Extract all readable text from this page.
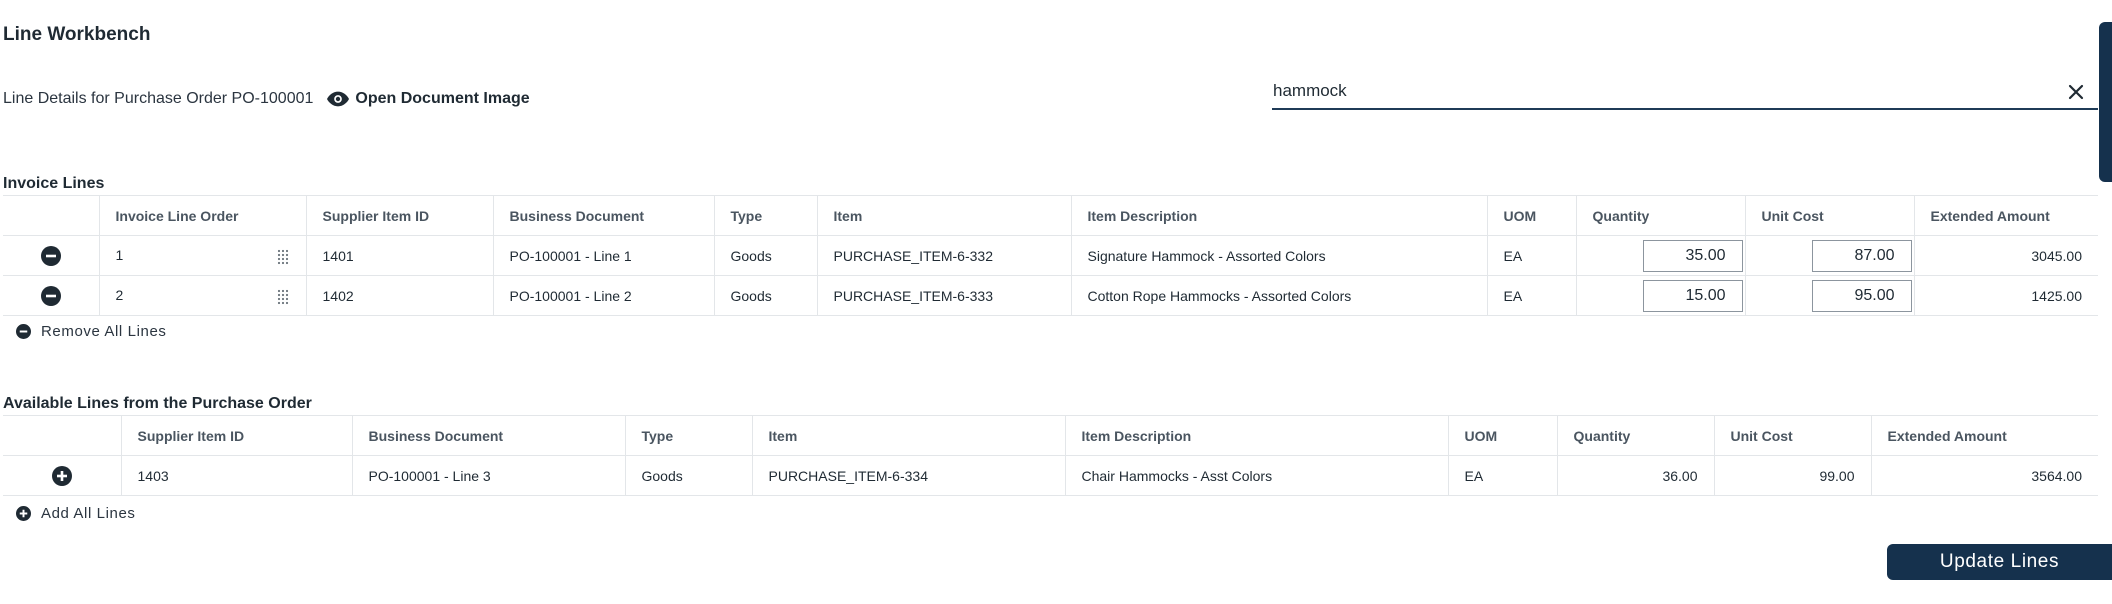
Line Workbench
Line Details for Purchase Order PO-100001	Open Document Image
hammock
Invoice Lines
	Invoice Line Order	Supplier Item ID	Business Document	Type	Item	Item Description	UOM	Quantity	Unit Cost	Extended Amount
	1	1401	PO-100001 - Line 1	Goods	PURCHASE_ITEM-6-332	Signature Hammock - Assorted Colors	EA	35.00	87.00	3045.00
	2	1402	PO-100001 - Line 2	Goods	PURCHASE_ITEM-6-333	Cotton Rope Hammocks - Assorted Colors	EA	15.00	95.00	1425.00
Remove All Lines
Available Lines from the Purchase Order
	Supplier Item ID	Business Document	Type	Item	Item Description	UOM	Quantity	Unit Cost	Extended Amount
	1403	PO-100001 - Line 3	Goods	PURCHASE_ITEM-6-334	Chair Hammocks - Asst Colors	EA	36.00	99.00	3564.00
Add All Lines
Update Lines
